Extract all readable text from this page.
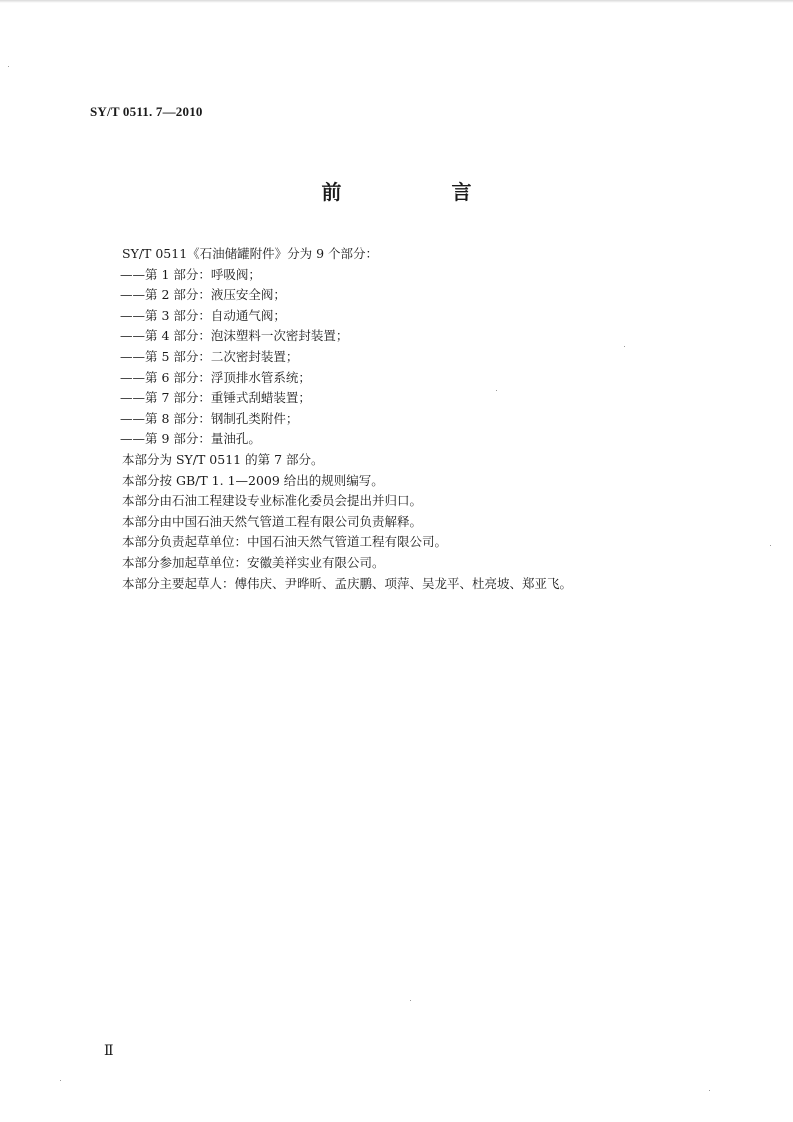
SY/T 0511. 7—2010

前　言

SY/T 0511《石油储罐附件》分为 9 个部分：

——第 1 部分：呼吸阀；

——第 2 部分：液压安全阀；

——第 3 部分：自动通气阀；

——第 4 部分：泡沫塑料一次密封装置；

——第 5 部分：二次密封装置；

——第 6 部分：浮顶排水管系统；

——第 7 部分：重锤式刮蜡装置；

——第 8 部分：钢制孔类附件；

——第 9 部分：量油孔。

本部分为 SY/T 0511 的第 7 部分。

本部分按 GB/T 1. 1—2009 给出的规则编写。

本部分由石油工程建设专业标准化委员会提出并归口。

本部分由中国石油天然气管道工程有限公司负责解释。

本部分负责起草单位：中国石油天然气管道工程有限公司。

本部分参加起草单位：安徽美祥实业有限公司。

本部分主要起草人：傅伟庆、尹晔昕、孟庆鹏、项萍、吴龙平、杜亮坡、郑亚飞。

Ⅱ
